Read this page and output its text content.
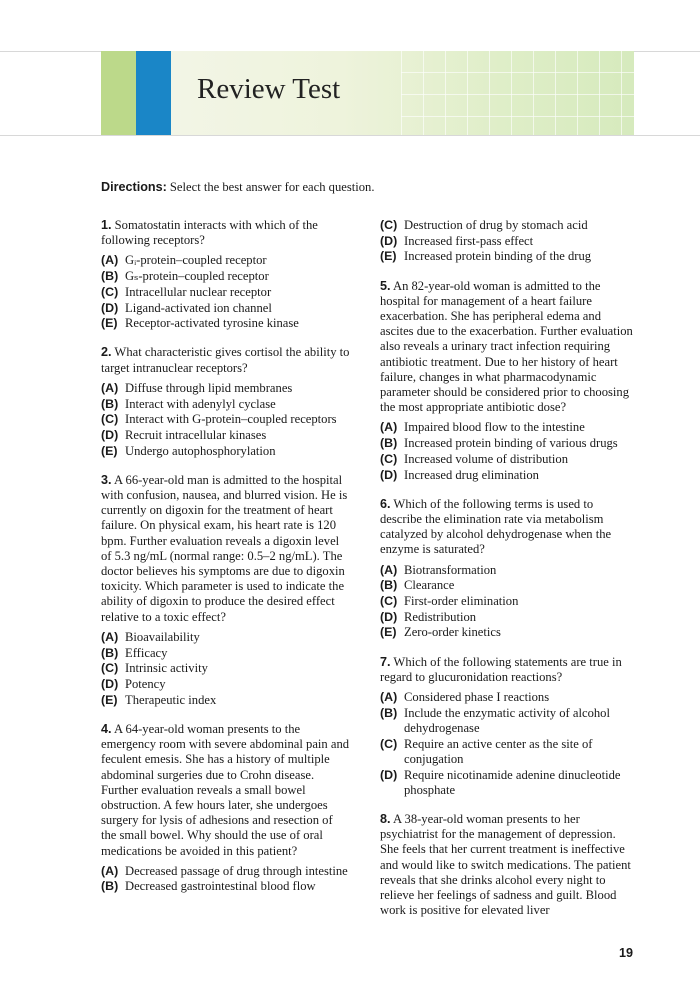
Review Test
Directions: Select the best answer for each question.
1. Somatostatin interacts with which of the following receptors?
(A) Gᵢ-protein–coupled receptor
(B) Gₛ-protein–coupled receptor
(C) Intracellular nuclear receptor
(D) Ligand-activated ion channel
(E) Receptor-activated tyrosine kinase
2. What characteristic gives cortisol the ability to target intranuclear receptors?
(A) Diffuse through lipid membranes
(B) Interact with adenylyl cyclase
(C) Interact with G-protein–coupled receptors
(D) Recruit intracellular kinases
(E) Undergo autophosphorylation
3. A 66-year-old man is admitted to the hospital with confusion, nausea, and blurred vision. He is currently on digoxin for the treatment of heart failure. On physical exam, his heart rate is 120 bpm. Further evaluation reveals a digoxin level of 5.3 ng/mL (normal range: 0.5–2 ng/mL). The doctor believes his symptoms are due to digoxin toxicity. Which parameter is used to indicate the ability of digoxin to produce the desired effect relative to a toxic effect?
(A) Bioavailability
(B) Efficacy
(C) Intrinsic activity
(D) Potency
(E) Therapeutic index
4. A 64-year-old woman presents to the emergency room with severe abdominal pain and feculent emesis. She has a history of multiple abdominal surgeries due to Crohn disease. Further evaluation reveals a small bowel obstruction. A few hours later, she undergoes surgery for lysis of adhesions and resection of the small bowel. Why should the use of oral medications be avoided in this patient?
(A) Decreased passage of drug through intestine
(B) Decreased gastrointestinal blood flow
(C) Destruction of drug by stomach acid
(D) Increased first-pass effect
(E) Increased protein binding of the drug
5. An 82-year-old woman is admitted to the hospital for management of a heart failure exacerbation. She has peripheral edema and ascites due to the exacerbation. Further evaluation also reveals a urinary tract infection requiring antibiotic treatment. Due to her history of heart failure, changes in what pharmacodynamic parameter should be considered prior to choosing the most appropriate antibiotic dose?
(A) Impaired blood flow to the intestine
(B) Increased protein binding of various drugs
(C) Increased volume of distribution
(D) Increased drug elimination
6. Which of the following terms is used to describe the elimination rate via metabolism catalyzed by alcohol dehydrogenase when the enzyme is saturated?
(A) Biotransformation
(B) Clearance
(C) First-order elimination
(D) Redistribution
(E) Zero-order kinetics
7. Which of the following statements are true in regard to glucuronidation reactions?
(A) Considered phase I reactions
(B) Include the enzymatic activity of alcohol dehydrogenase
(C) Require an active center as the site of conjugation
(D) Require nicotinamide adenine dinucleotide phosphate
8. A 38-year-old woman presents to her psychiatrist for the management of depression. She feels that her current treatment is ineffective and would like to switch medications. The patient reveals that she drinks alcohol every night to relieve her feelings of sadness and guilt. Blood work is positive for elevated liver
19
